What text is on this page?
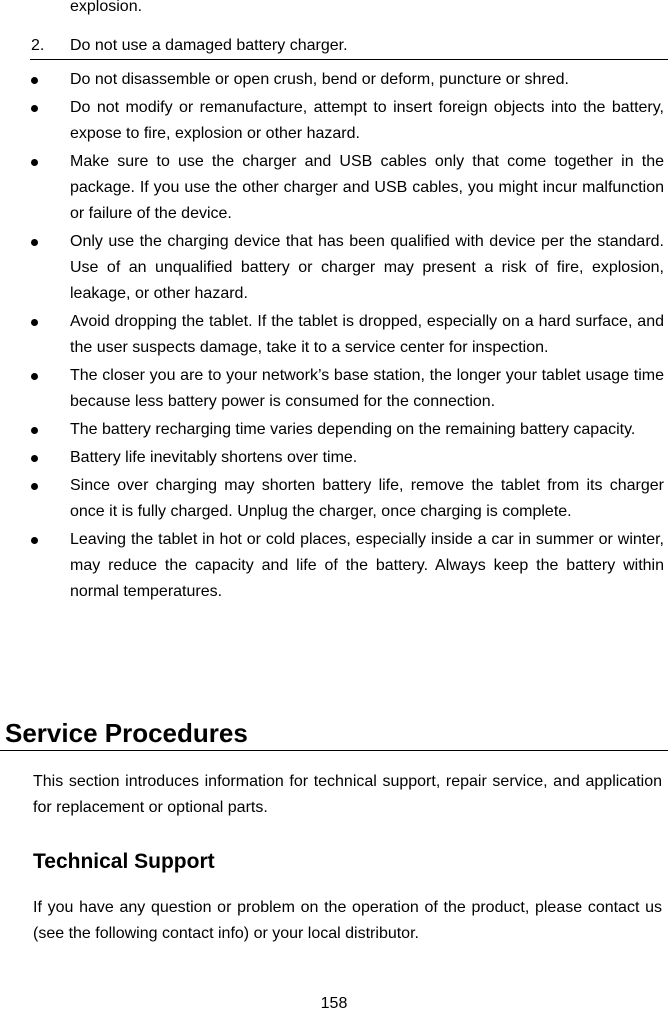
explosion.

2. Do not use a damaged battery charger.
Do not disassemble or open crush, bend or deform, puncture or shred.
Do not modify or remanufacture, attempt to insert foreign objects into the battery, expose to fire, explosion or other hazard.
Make sure to use the charger and USB cables only that come together in the package. If you use the other charger and USB cables, you might incur malfunction or failure of the device.
Only use the charging device that has been qualified with device per the standard. Use of an unqualified battery or charger may present a risk of fire, explosion, leakage, or other hazard.
Avoid dropping the tablet. If the tablet is dropped, especially on a hard surface, and the user suspects damage, take it to a service center for inspection.
The closer you are to your network’s base station, the longer your tablet usage time because less battery power is consumed for the connection.
The battery recharging time varies depending on the remaining battery capacity.
Battery life inevitably shortens over time.
Since over charging may shorten battery life, remove the tablet from its charger once it is fully charged. Unplug the charger, once charging is complete.
Leaving the tablet in hot or cold places, especially inside a car in summer or winter, may reduce the capacity and life of the battery. Always keep the battery within normal temperatures.
Service Procedures

This section introduces information for technical support, repair service, and application for replacement or optional parts.

Technical Support

If you have any question or problem on the operation of the product, please contact us (see the following contact info) or your local distributor.

158
